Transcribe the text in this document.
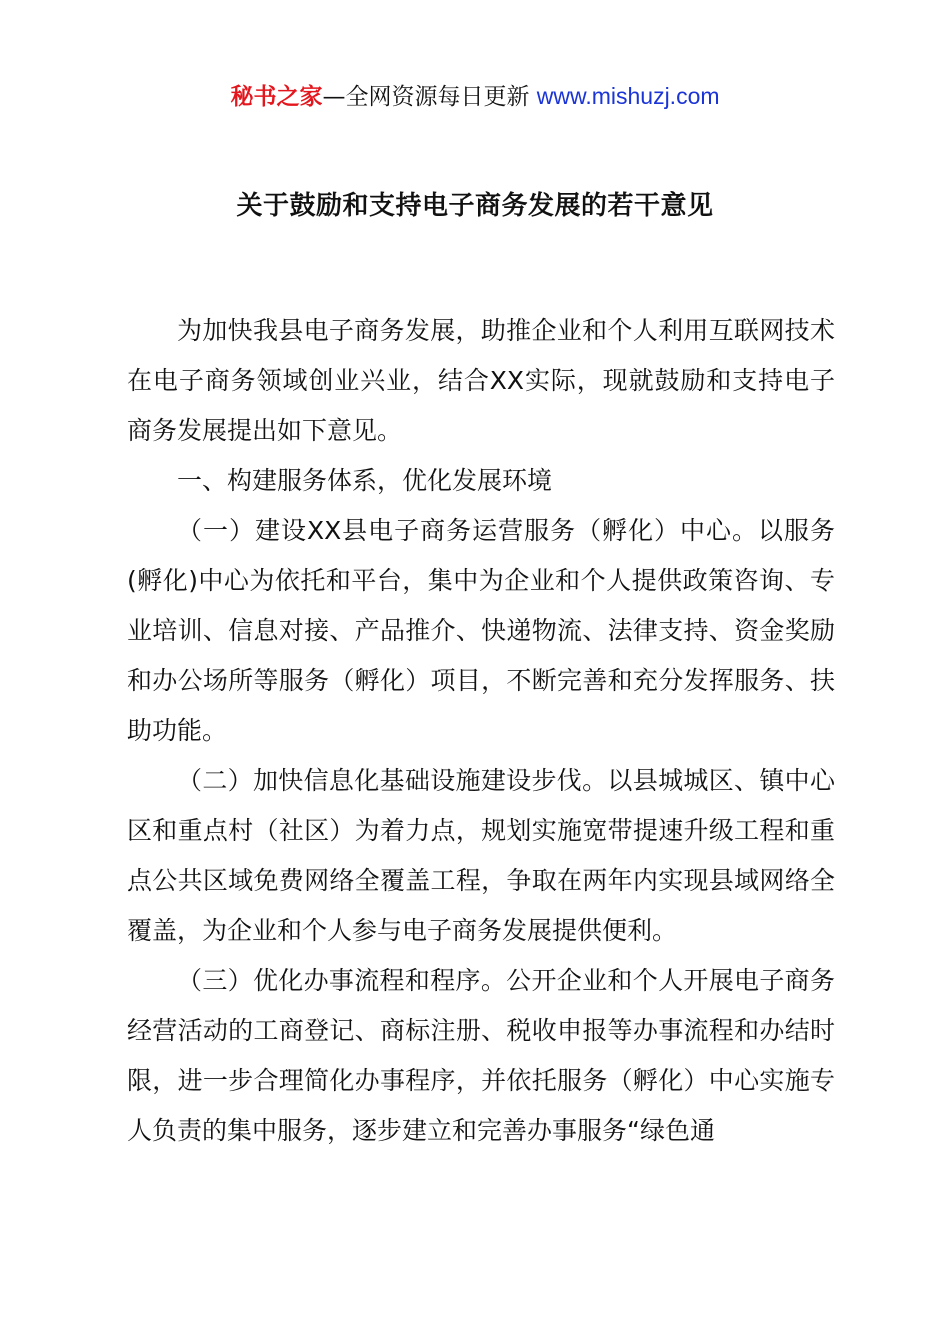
秘书之家—全网资源每日更新 www.mishuzj.com
关于鼓励和支持电子商务发展的若干意见

为加快我县电子商务发展，助推企业和个人利用互联网技术在电子商务领域创业兴业，结合XX实际，现就鼓励和支持电子商务发展提出如下意见。

一、构建服务体系，优化发展环境

（一）建设XX县电子商务运营服务（孵化）中心。以服务(孵化)中心为依托和平台，集中为企业和个人提供政策咨询、专业培训、信息对接、产品推介、快递物流、法律支持、资金奖励和办公场所等服务（孵化）项目，不断完善和充分发挥服务、扶助功能。

（二）加快信息化基础设施建设步伐。以县城城区、镇中心区和重点村（社区）为着力点，规划实施宽带提速升级工程和重点公共区域免费网络全覆盖工程，争取在两年内实现县域网络全覆盖，为企业和个人参与电子商务发展提供便利。

（三）优化办事流程和程序。公开企业和个人开展电子商务经营活动的工商登记、商标注册、税收申报等办事流程和办结时限，进一步合理简化办事程序，并依托服务（孵化）中心实施专人负责的集中服务，逐步建立和完善办事服务“绿色通
